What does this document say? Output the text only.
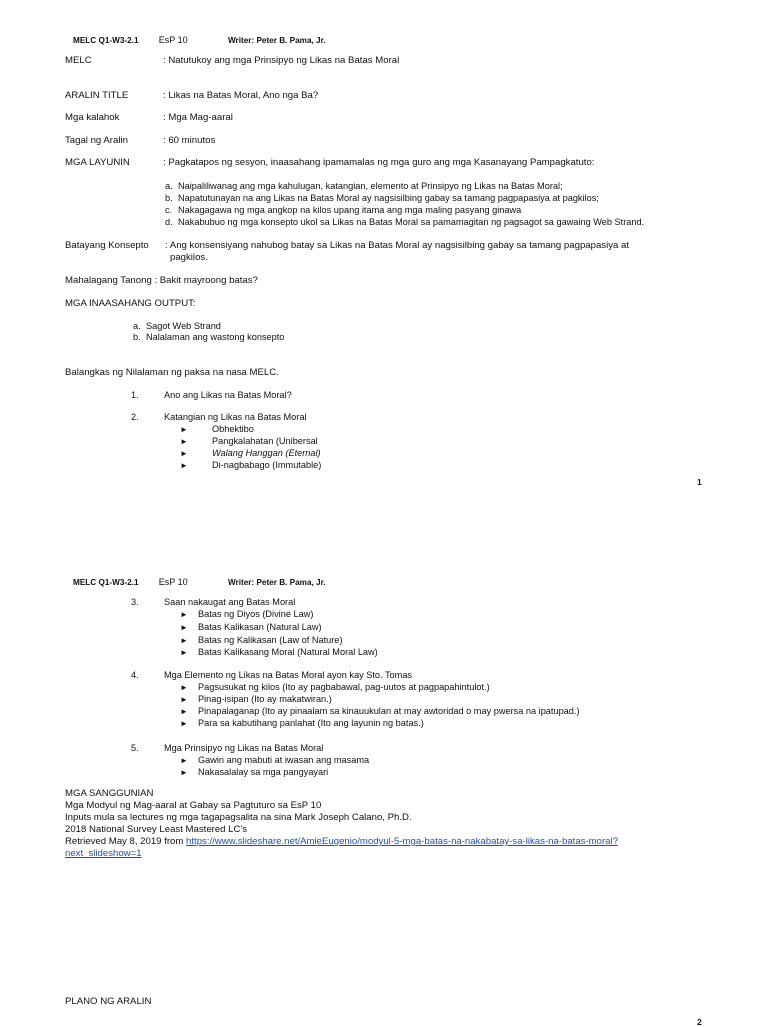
MELC Q1-W3-2.1 EsP 10	Writer: Peter B. Pama, Jr.
MELC	: Natutukoy ang mga Prinsipyo ng Likas na Batas Moral
ARALIN TITLE	: Likas na Batas Moral, Ano nga Ba?
Mga kalahok	: Mga Mag-aaral
Tagal ng Aralin	: 60 minutos
MGA LAYUNIN	: Pagkatapos ng sesyon, inaasahang ipamamalas ng mga guro ang mga Kasanayang Pampagkatuto:
a. Naipaliliwanag ang mga kahulugan, katangian, elemento at Prinsipyo ng Likas na Batas Moral;
b. Napatutunayan na ang Likas na Batas Moral ay nagsisilbing gabay sa tamang pagpapasiya at pagkilos;
c. Nakagagawa ng mga angkop na kilos upang itama ang mga maling pasyang ginawa
d. Nakabubuo ng mga konsepto ukol sa Likas na Batas Moral sa pamamagitan ng pagsagot sa gawaing Web Strand.
Batayang Konsepto : Ang konsensiyang nahubog batay sa Likas na Batas Moral ay nagsisilbing gabay sa tamang pagpapasiya at
pagkilos.
Mahalagang Tanong : Bakit mayroong batas?
MGA INAASAHANG OUTPUT:
a. Sagot Web Strand
b. Nalalaman ang wastong konsepto
Balangkas ng Nilalaman ng paksa na nasa MELC.
1.	Ano ang Likas na Batas Moral?
2.	Katangian ng Likas na Batas Moral
►	Obhektibo
►	Pangkalahatan (Unibersal
►	Walang Hanggan (Eternal)
►	Di-nagbabago (Immutable)
1
MELC Q1-W3-2.1 EsP 10	Writer: Peter B. Pama, Jr.
3.	Saan nakaugat ang Batas Moral
► Batas ng Diyos (Divine Law)
► Batas Kalikasan (Natural Law)
► Batas ng Kalikasan (Law of Nature)
► Batas Kalikasang Moral (Natural Moral Law)
4.	Mga Elemento ng Likas na Batas Moral ayon kay Sto. Tomas
► Pagsusukat ng kilos (Ito ay pagbabawal, pag-uutos at pagpapahintulot.)
► Pinag-isipan (Ito ay makatwiran.)
► Pinapalaganap (Ito ay pinaalam sa kinauukulan at may awtoridad o may pwersa na ipatupad.)
► Para sa kabutihang panlahat (Ito ang layunin ng batas.)
5.	Mga Prinsipyo ng Likas na Batas Moral
► Gawin ang mabuti at iwasan ang masama
► Nakasalalay sa mga pangyayari
MGA SANGGUNIAN
Mga Modyul ng Mag-aaral at Gabay sa Pagtuturo sa EsP 10
Inputs mula sa lectures ng mga tagapagsalita na sina Mark Joseph Calano, Ph.D.
2018 National Survey Least Mastered LC's
Retrieved May 8, 2019 from https://www.slideshare.net/AmieEugenio/modyul-5-mga-batas-na-nakabatay-sa-likas-na-batas-moral?
next_slideshow=1
PLANO NG ARALIN
2
